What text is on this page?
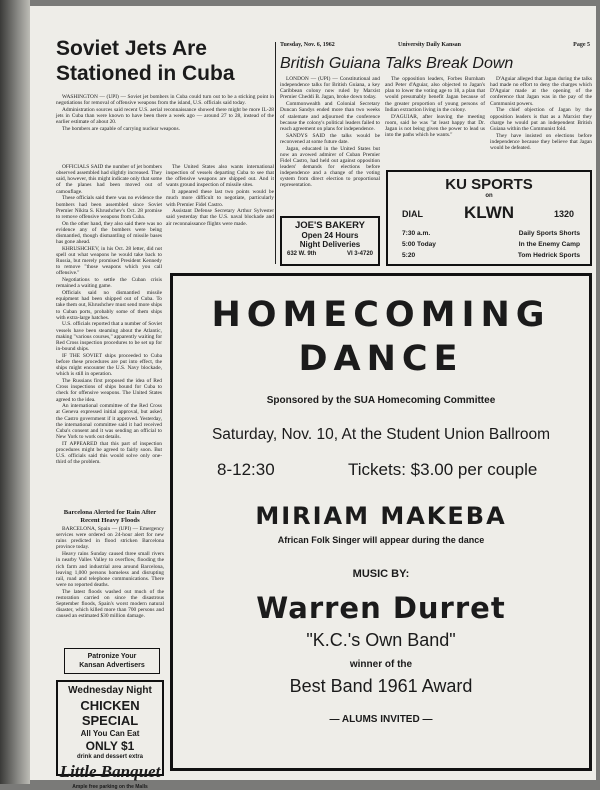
Tuesday, Nov. 6, 1962	University Daily Kansan	Page 5
Soviet Jets Are Stationed in Cuba

WASHINGTON — (UPI) — Soviet jet bombers in Cuba could turn out to be a sticking point in negotiations for removal of offensive weapons from the island, U.S. officials said today.

Administration sources said recent U.S. aerial reconnaissance showed there might be more IL-28 jets in Cuba than were known to have been there a week ago — around 27 to 28, instead of the earlier estimate of about 20.

The bombers are capable of carrying nuclear weapons.

OFFICIALS SAID the number of jet bombers observed assembled had slightly increased. They said, however, this might indicate only that some of the planes had been moved out of camouflage.

These officials said there was no evidence the bombers had been assembled since Soviet Premier Nikita S. Khrushchev's Oct. 28 promise to remove offensive weapons from Cuba.

On the other hand, they also said there was no evidence any of the bombers were being dismantled, though dismantling of missile bases has gone ahead.

KHRUSHCHEV, in his Oct. 28 letter, did not spell out what weapons he would take back to Russia, but merely promised President Kennedy to remove "those weapons which you call offensive."

Negotiations to settle the Cuban crisis remained a waiting game.

Officials said no dismantled missile equipment had been shipped out of Cuba. To take them out, Khrushchev must send more ships to Cuban ports, probably some of them ships with extra-large hatches.

U.S. officials reported that a number of Soviet vessels have been steaming about the Atlantic, making "various courses," apparently waiting for Red Cross inspection procedures to be set up for in-bound ships.

IF THE SOVIET ships proceeded to Cuba before these procedures are put into effect, the ships might encounter the U.S. Navy blockade, which is still in operation.

The Russians first proposed the idea of Red Cross inspections of ships bound for Cuba to check for offensive weapons. The United States agreed to the idea.

An international committee of the Red Cross at Geneva expressed initial approval, but asked the Castro government if it approved. Yesterday, the international committee said it had received Cuba's consent and it was sending an official to New York to work out details.

IT APPEARED that this part of inspection procedures might be agreed to fairly soon. But U.S. officials said this would solve only one-third of the problem.

The United States also wants international inspection of vessels departing Cuba to see that the offensive weapons are shipped out. And it wants ground inspection of missile sites.

It appeared these last two points would be much more difficult to negotiate, particularly with Premier Fidel Castro.

Assistant Defense Secretary Arthur Sylvester said yesterday that the U.S. naval blockade and air reconnaissance flights were made.

Barcelona Alerted for Rain After Recent Heavy Floods

BARCELONA, Spain — (UPI) — Emergency services were ordered on 24-hour alert for new rains predicted in flood stricken Barcelona province today.

Heavy rains Sunday caused three small rivers in nearby Valles Valley to overflow, flooding the rich farm and industrial area around Barcelona, leaving 1,000 persons homeless and disrupting rail, road and telephone communications. There were no reported deaths.

The latest floods washed out much of the restoration carried on since the disastrous September floods, Spain's worst modern natural disaster, which killed more than 700 persons and caused an estimated $30 million damage.

Patronize Your
Kansan Advertisers
Wednesday Night
CHICKEN SPECIAL
All You Can Eat
ONLY $1
drink and dessert extra
Little Banquet
Ample free parking on the Malls
British Guiana Talks Break Down

LONDON — (UPI) — Constitutional and independence talks for British Guiana, a key Caribbean colony now ruled by Marxist Premier Cheddi B. Jagan, broke down today.

Commonwealth and Colonial Secretary Duncan Sandys ended more than two weeks of stalemate and adjourned the conference because the colony's political leaders failed to reach agreement on plans for independence.

SANDYS SAID the talks would be reconvened at some future date.

Jagan, educated in the United States but now an avowed admirer of Cuban Premier Fidel Castro, had held out against opposition leaders' demands for elections before independence and a change of the voting system from direct election to proportional representation.

The opposition leaders, Forbes Burnham and Peter d'Aguiar, also objected to Jagan's plan to lower the voting age to 18, a plan that would presumably benefit Jagan because of the greater proportion of young persons of Indian extraction living in the colony.

D'AGUIAR, after leaving the meeting room, said he was "at least happy that Dr. Jagan is not being given the power to lead us into the paths which he wants."

D'Aguiar alleged that Jagan during the talks had made no effort to deny the charges which D'Aguiar made at the opening of the conference that Jagan was in the pay of the Communist powers.

The chief objection of Jagan by the opposition leaders is that as a Marxist they charge he would put an independent British Guiana within the Communist fold.

They have insisted on elections before independence because they believe that Jagan would be defeated.

JOE'S BAKERY
Open 24 Hours
Night Deliveries
632 W. 9th	VI 3-4720
KU SPORTS
on
DIAL	KLWN	1320
7:30 a.m.	Daily Sports Shorts
5:00 Today	In the Enemy Camp
5:20	Tom Hedrick Sports
HOMECOMING
DANCE
Sponsored by the SUA Homecoming Committee
Saturday, Nov. 10, At the Student Union Ballroom
8-12:30	Tickets: $3.00 per couple
MIRIAM MAKEBA
African Folk Singer will appear during the dance
MUSIC BY:
Warren Durret
"K.C.'s Own Band"
winner of the
Best Band 1961 Award
— ALUMS INVITED —
